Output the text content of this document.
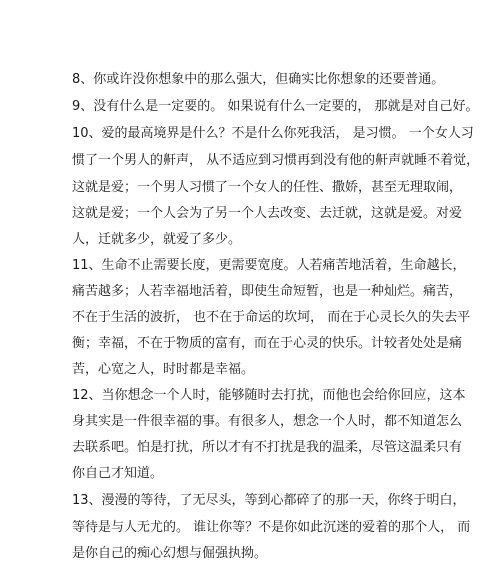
8、你或许没你想象中的那么强大，但确实比你想象的还要普通。
9、没有什么是一定要的。 如果说有什么一定要的， 那就是对自己好。
10、爱的最高境界是什么？不是什么你死我活， 是习惯。 一个女人习
惯了一个男人的鼾声， 从不适应到习惯再到没有他的鼾声就睡不着觉，
这就是爱；一个男人习惯了一个女人的任性、撒娇，甚至无理取闹，
这就是爱；一个人会为了另一个人去改变、去迁就，这就是爱。对爱
人，迁就多少，就爱了多少。
11、生命不止需要长度，更需要宽度。人若痛苦地活着，生命越长，
痛苦越多；人若幸福地活着，即使生命短暂，也是一种灿烂。痛苦，
不在于生活的波折， 也不在于命运的坎坷， 而在于心灵长久的失去平
衡；幸福，不在于物质的富有，而在于心灵的快乐。计较者处处是痛
苦，心宽之人，时时都是幸福。
12、当你想念一个人时，能够随时去打扰，而他也会给你回应，这本
身其实是一件很幸福的事。有很多人，想念一个人时，都不知道怎么
去联系吧。怕是打扰，所以才有不打扰是我的温柔，尽管这温柔只有
你自己才知道。
13、漫漫的等待，了无尽头，等到心都碎了的那一天，你终于明白，
等待是与人无尤的。 谁让你等？不是你如此沉迷的爱着的那个人， 而
是你自己的痴心幻想与倔强执拗。
